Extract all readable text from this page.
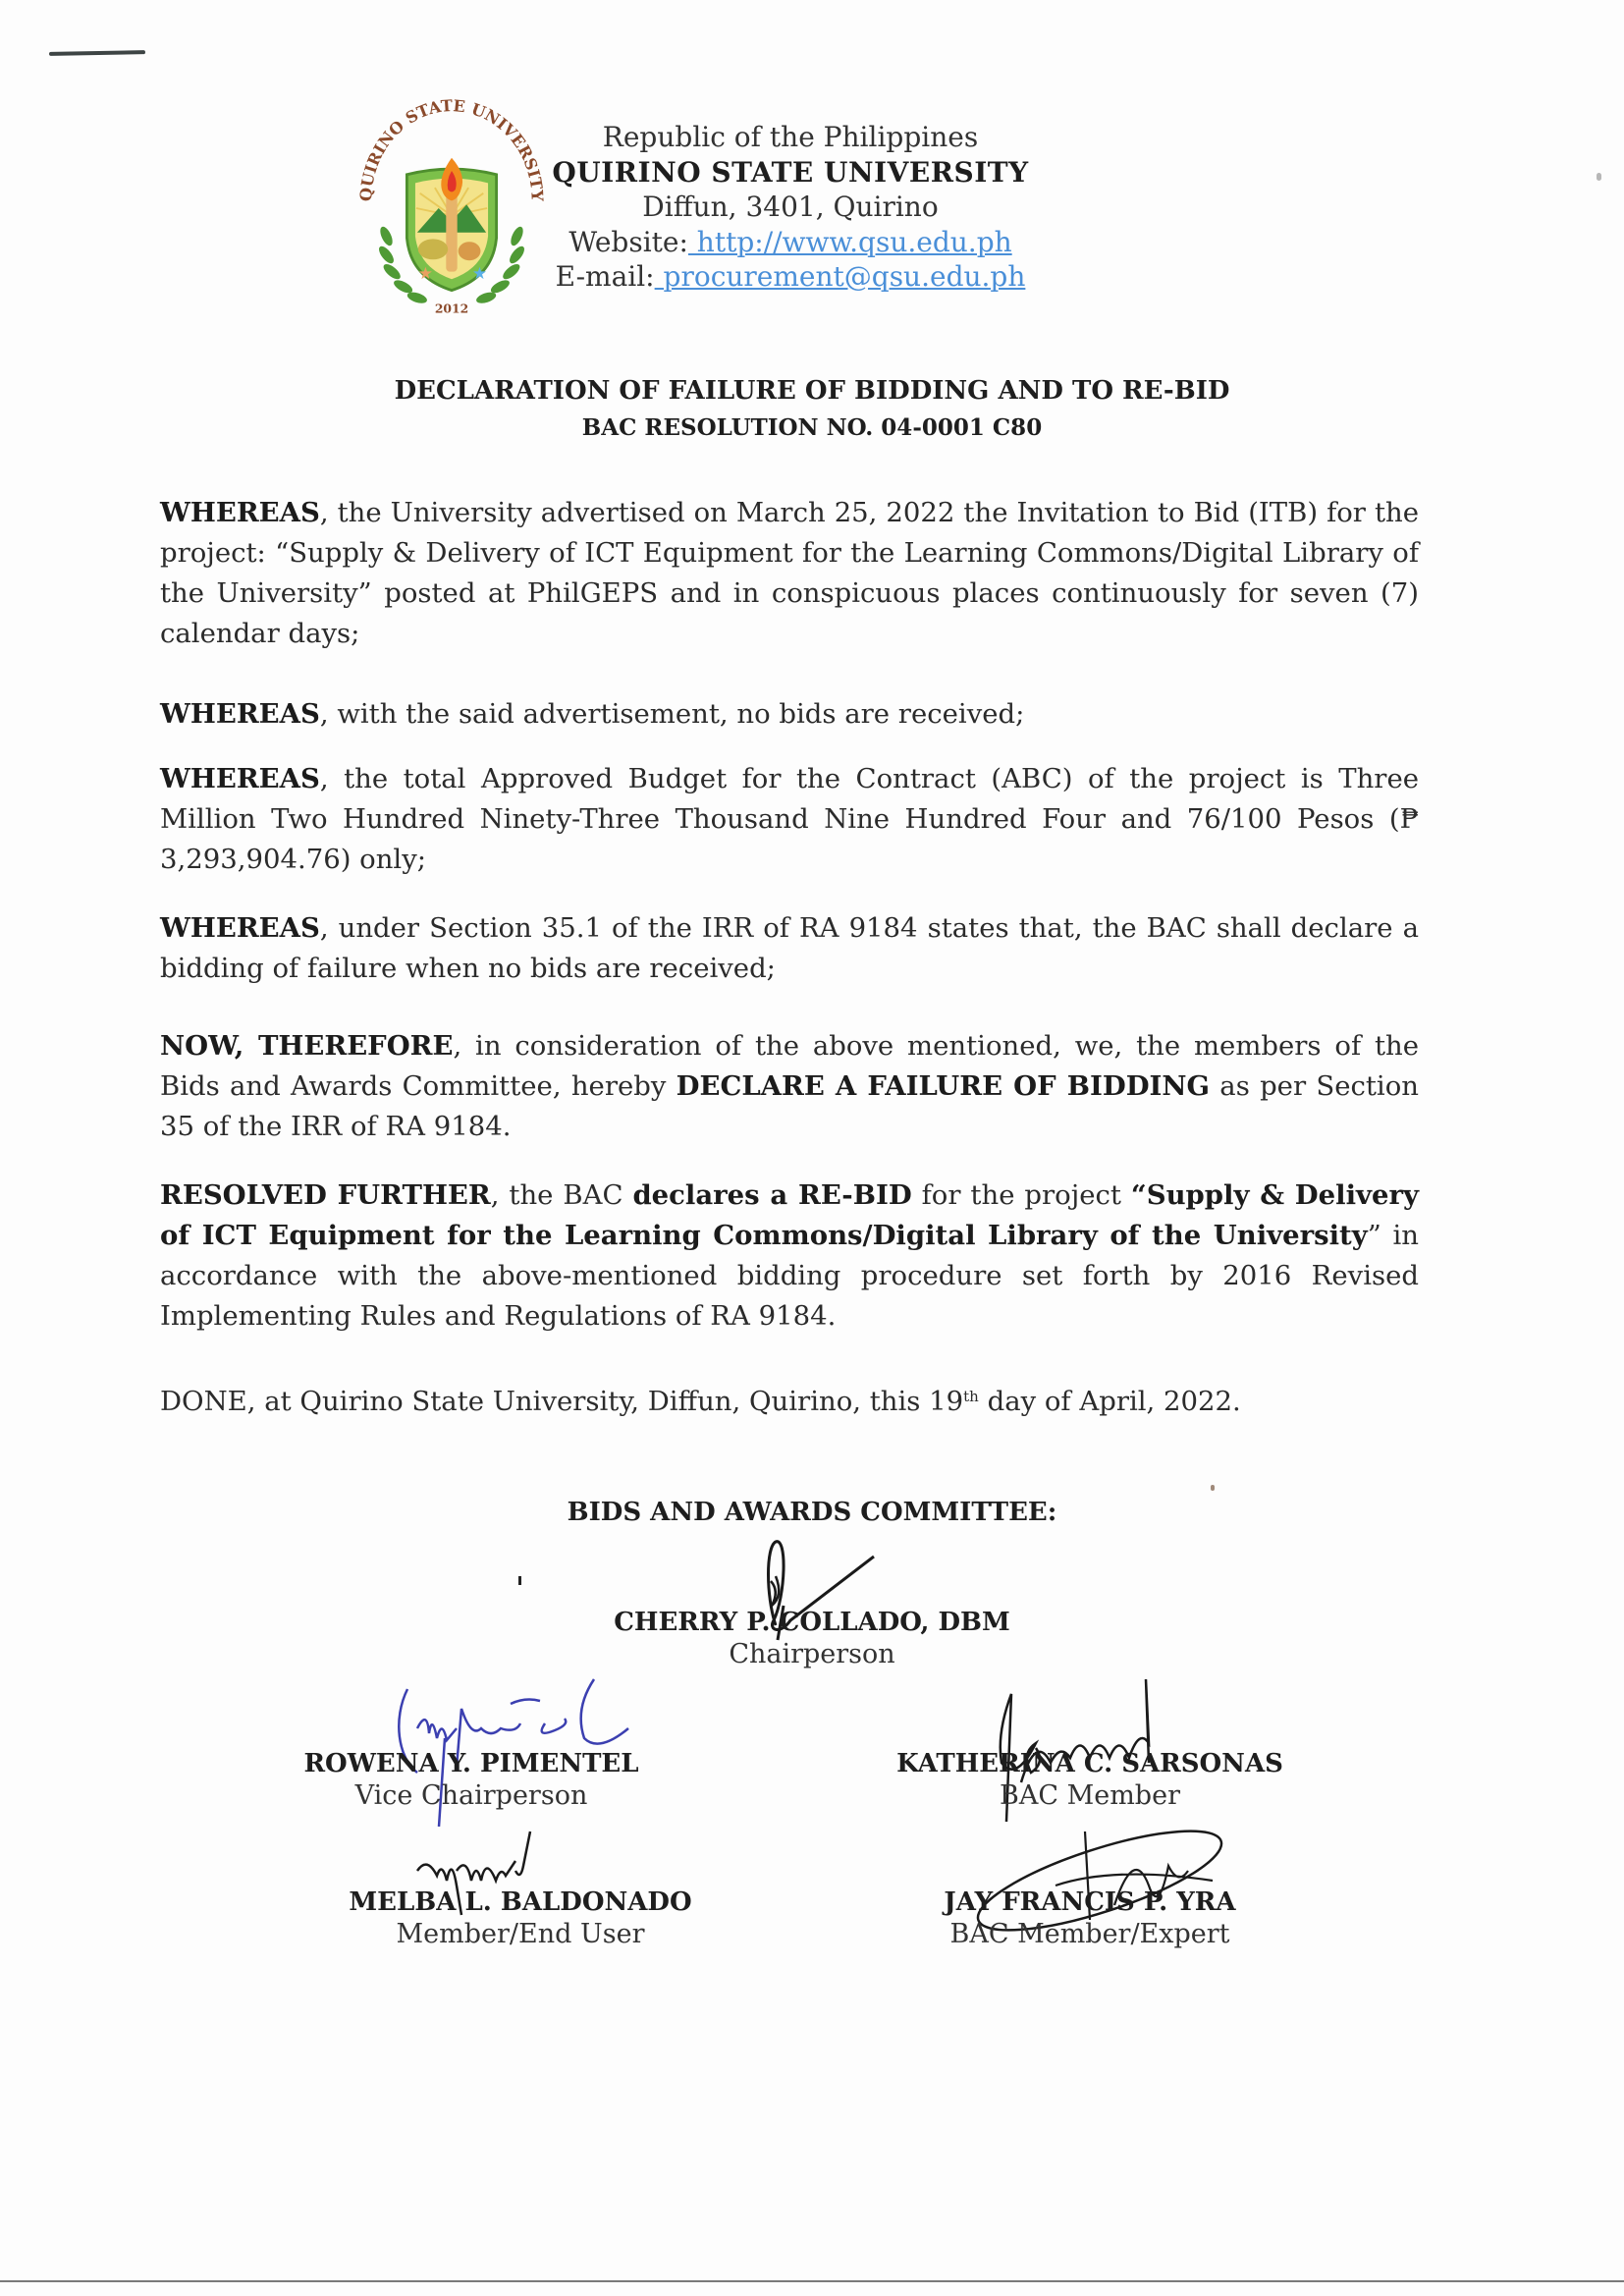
★ ★
2012
QUIRINO STATE UNIVERSITY
Republic of the Philippines
QUIRINO STATE UNIVERSITY
Diffun, 3401, Quirino
Website: http://www.qsu.edu.ph
E-mail: procurement@qsu.edu.ph
DECLARATION OF FAILURE OF BIDDING AND TO RE-BID
BAC RESOLUTION NO. 04-0001 C80
WHEREAS, the University advertised on March 25, 2022 the Invitation to Bid (ITB) for the project: “Supply & Delivery of ICT Equipment for the Learning Commons/Digital Library of the University” posted at PhilGEPS and in conspicuous places continuously for seven (7) calendar days;
WHEREAS, with the said advertisement, no bids are received;
WHEREAS, the total Approved Budget for the Contract (ABC) of the project is Three Million Two Hundred Ninety-Three Thousand Nine Hundred Four and 76/100 Pesos (₱ 3,293,904.76) only;
WHEREAS, under Section 35.1 of the IRR of RA 9184 states that, the BAC shall declare a bidding of failure when no bids are received;
NOW, THEREFORE, in consideration of the above mentioned, we, the members of the Bids and Awards Committee, hereby DECLARE A FAILURE OF BIDDING as per Section 35 of the IRR of RA 9184.
RESOLVED FURTHER, the BAC declares a RE-BID for the project “Supply & Delivery of ICT Equipment for the Learning Commons/Digital Library of the University” in accordance with the above-mentioned bidding procedure set forth by 2016 Revised Implementing Rules and Regulations of RA 9184.
DONE, at Quirino State University, Diffun, Quirino, this 19th day of April, 2022.
BIDS AND AWARDS COMMITTEE:
CHERRY P. COLLADO, DBM
Chairperson
ROWENA Y. PIMENTEL
Vice Chairperson
KATHERINA C. SARSONAS
BAC Member
MELBA L. BALDONADO
Member/End User
JAY FRANCIS P. YRA
BAC Member/Expert
